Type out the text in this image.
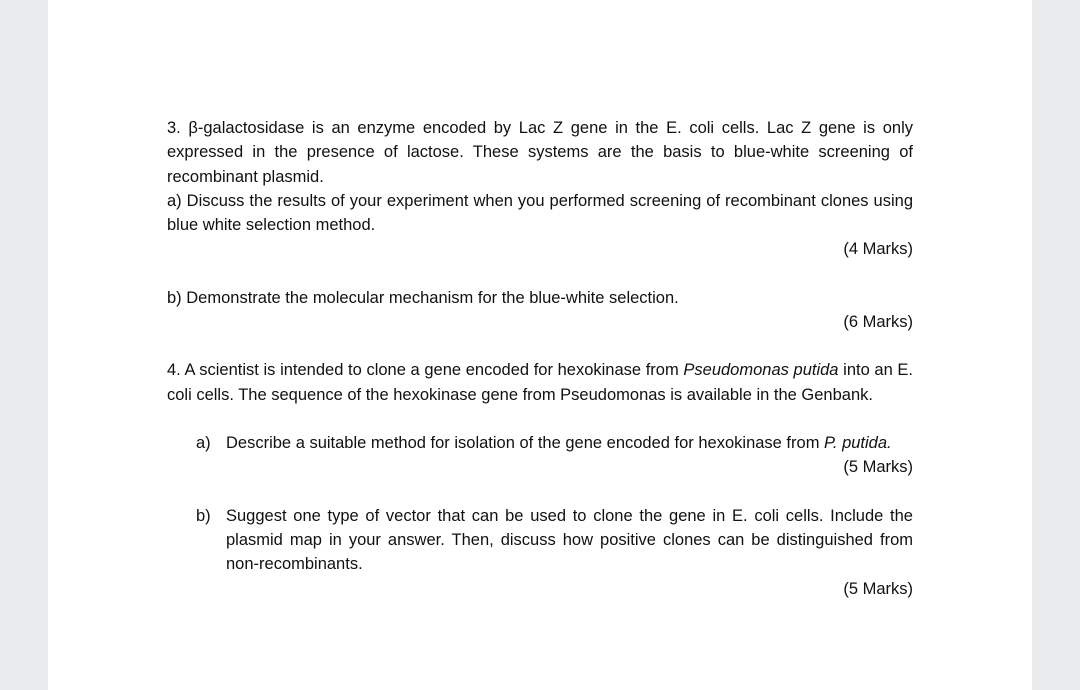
3. β-galactosidase is an enzyme encoded by Lac Z gene in the E. coli cells. Lac Z gene is only expressed in the presence of lactose. These systems are the basis to blue-white screening of recombinant plasmid.

a) Discuss the results of your experiment when you performed screening of recombinant clones using blue white selection method.

(4 Marks)

b) Demonstrate the molecular mechanism for the blue-white selection.

(6 Marks)

4. A scientist is intended to clone a gene encoded for hexokinase from Pseudomonas putida into an E. coli cells. The sequence of the hexokinase gene from Pseudomonas is available in the Genbank.

a) Describe a suitable method for isolation of the gene encoded for hexokinase from P. putida.

(5 Marks)

b) Suggest one type of vector that can be used to clone the gene in E. coli cells. Include the plasmid map in your answer. Then, discuss how positive clones can be distinguished from non-recombinants.

(5 Marks)
